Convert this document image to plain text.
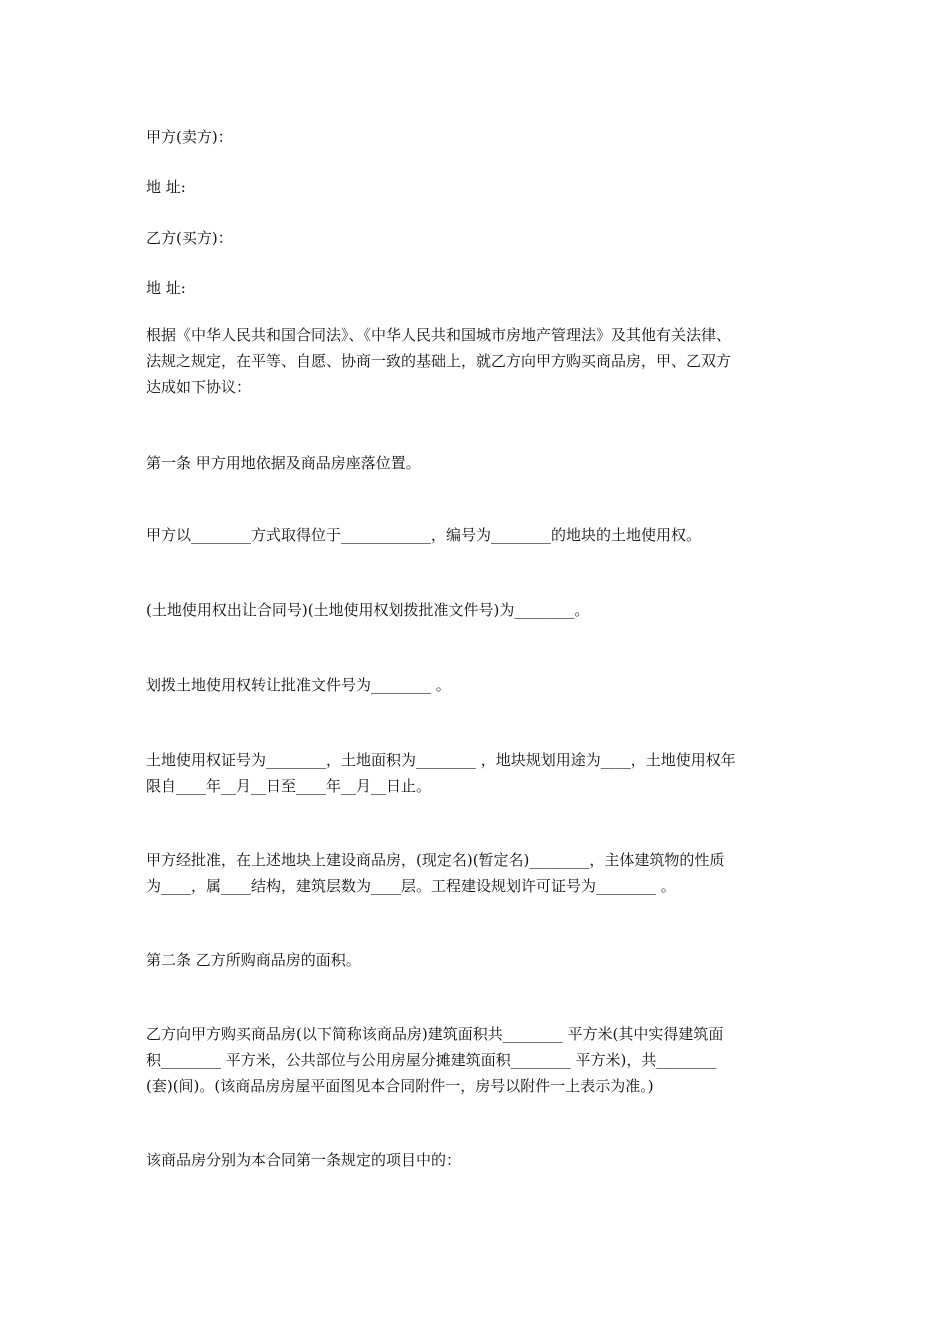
甲方(卖方)：
地 址:
乙方(买方)：
地 址:
根据《中华人民共和国合同法》、《中华人民共和国城市房地产管理法》及其他有关法律、
法规之规定，在平等、自愿、协商一致的基础上，就乙方向甲方购买商品房，甲、乙双方
达成如下协议：
第一条 甲方用地依据及商品房座落位置。
甲方以________方式取得位于____________，编号为________的地块的土地使用权。
(土地使用权出让合同号)(土地使用权划拨批准文件号)为________。
划拨土地使用权转让批准文件号为________ 。
土地使用权证号为________，土地面积为________ ，地块规划用途为____，土地使用权年
限自____年__月__日至____年__月__日止。
甲方经批准，在上述地块上建设商品房，(现定名)(暂定名)________，主体建筑物的性质
为____，属____结构，建筑层数为____层。工程建设规划许可证号为________ 。
第二条 乙方所购商品房的面积。
乙方向甲方购买商品房(以下简称该商品房)建筑面积共________ 平方米(其中实得建筑面
积________ 平方米，公共部位与公用房屋分摊建筑面积________ 平方米)，共________
(套)(间)。(该商品房房屋平面图见本合同附件一，房号以附件一上表示为准。)
该商品房分别为本合同第一条规定的项目中的：
